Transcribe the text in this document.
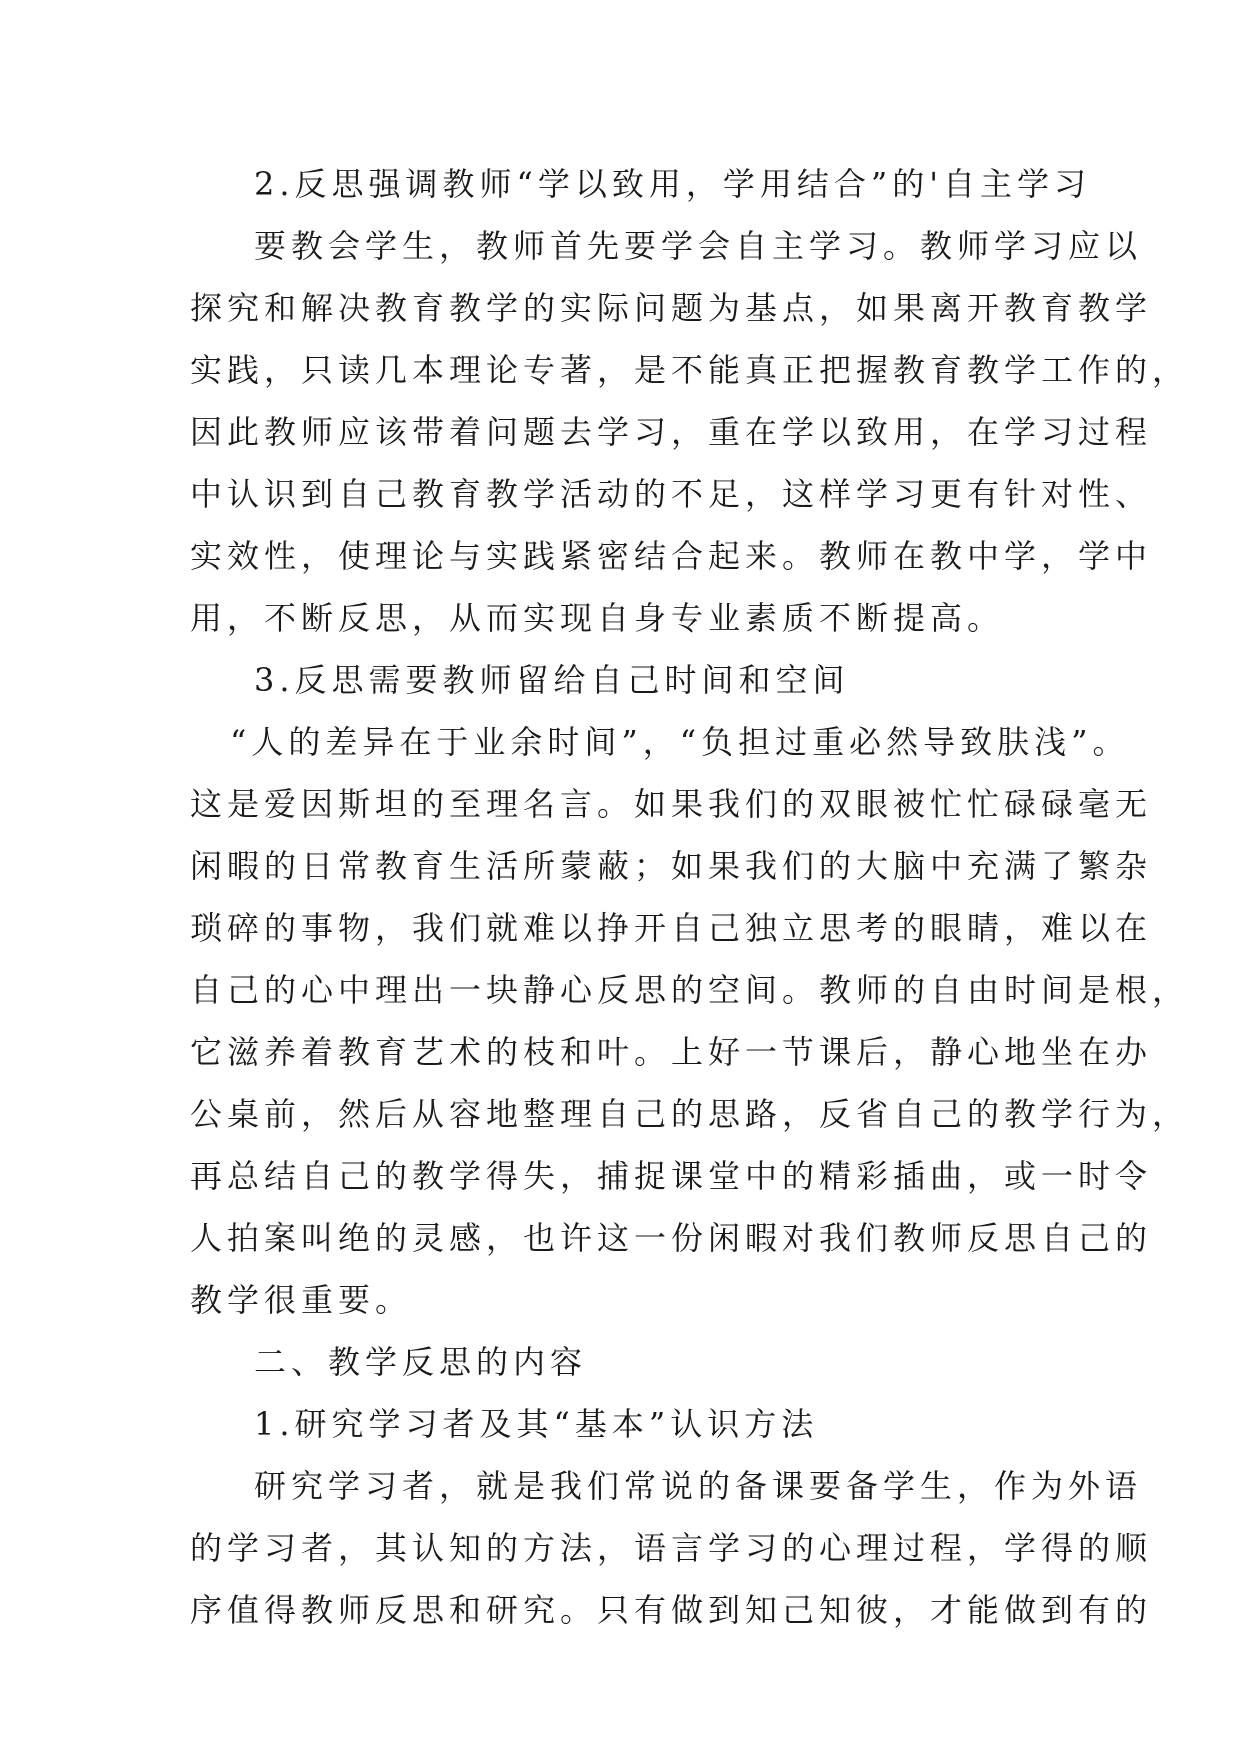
2.反思强调教师“学以致用，学用结合”的'自主学习
要教会学生，教师首先要学会自主学习。教师学习应以
探究和解决教育教学的实际问题为基点，如果离开教育教学
实践，只读几本理论专著，是不能真正把握教育教学工作的，
因此教师应该带着问题去学习，重在学以致用，在学习过程
中认识到自己教育教学活动的不足，这样学习更有针对性、
实效性，使理论与实践紧密结合起来。教师在教中学，学中
用，不断反思，从而实现自身专业素质不断提高。
3.反思需要教师留给自己时间和空间
“人的差异在于业余时间”，“负担过重必然导致肤浅”。
这是爱因斯坦的至理名言。如果我们的双眼被忙忙碌碌毫无
闲暇的日常教育生活所蒙蔽；如果我们的大脑中充满了繁杂
琐碎的事物，我们就难以挣开自己独立思考的眼睛，难以在
自己的心中理出一块静心反思的空间。教师的自由时间是根，
它滋养着教育艺术的枝和叶。上好一节课后，静心地坐在办
公桌前，然后从容地整理自己的思路，反省自己的教学行为，
再总结自己的教学得失，捕捉课堂中的精彩插曲，或一时令
人拍案叫绝的灵感，也许这一份闲暇对我们教师反思自己的
教学很重要。
二、教学反思的内容
1.研究学习者及其“基本”认识方法
研究学习者，就是我们常说的备课要备学生，作为外语
的学习者，其认知的方法，语言学习的心理过程，学得的顺
序值得教师反思和研究。只有做到知己知彼，才能做到有的
